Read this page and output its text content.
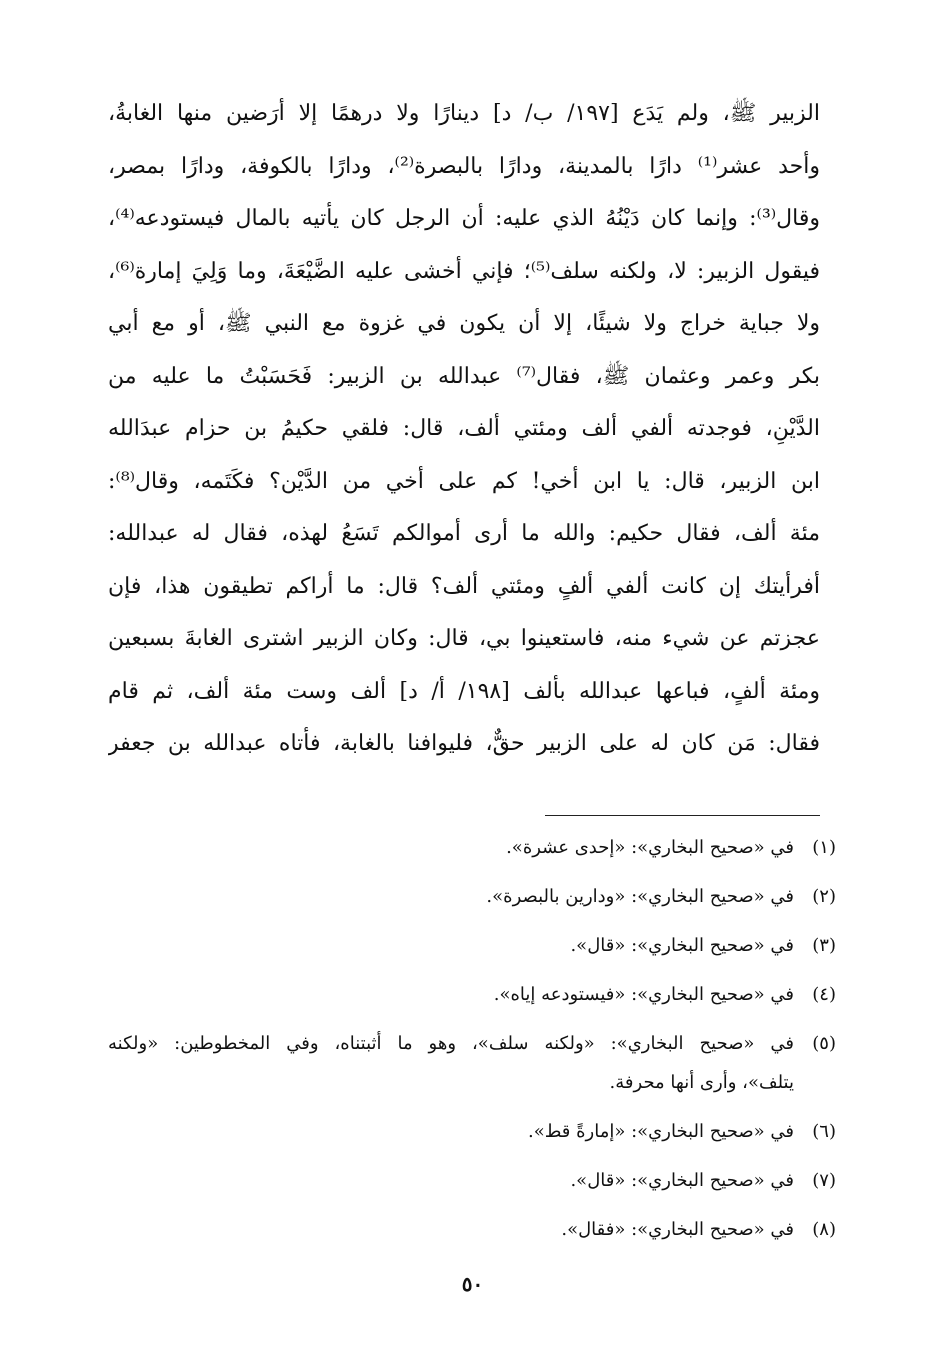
الزبير ﷺ، ولم يَدَع [١٩٧/ ب/ د] دينارًا ولا درهمًا إلا أرَضين منها الغابةُ،
وأحد عشر⁽¹⁾ دارًا بالمدينة، ودارًا بالبصرة⁽²⁾، ودارًا بالكوفة، ودارًا بمصر،
وقال⁽³⁾: وإنما كان دَيْنُهُ الذي عليه: أن الرجل كان يأتيه بالمال فيستودعه⁽⁴⁾،
فيقول الزبير: لا، ولكنه سلف⁽⁵⁾؛ فإني أخشى عليه الضَّيْعَةَ، وما وَلِيَ إمارة⁽⁶⁾،
ولا جباية خراج ولا شيئًا، إلا أن يكون في غزوة مع النبي ﷺ، أو مع أبي
بكر وعمر وعثمان ﷺ، فقال⁽⁷⁾ عبدالله بن الزبير: فَحَسَبْتُ ما عليه من
الدَّيْنِ، فوجدته ألفي ألف ومئتي ألف، قال: فلقي حكيمُ بن حزام عبدَالله
ابن الزبير، قال: يا ابن أخي! كم على أخي من الدَّيْن؟ فكَتَمه، وقال⁽⁸⁾:
مئة ألف، فقال حكيم: والله ما أرى أموالكم تَسَعُ لهذه، فقال له عبدالله:
أفرأيتك إن كانت ألفي ألفٍ ومئتي ألف؟ قال: ما أراكم تطيقون هذا، فإن
عجزتم عن شيء منه، فاستعينوا بي، قال: وكان الزبير اشترى الغابةَ بسبعين
ومئة ألفٍ، فباعها عبدالله بألف [١٩٨/ أ/ د] ألف وست مئة ألف، ثم قام
فقال: مَن كان له على الزبير حقٌّ، فليوافنا بالغابة، فأتاه عبدالله بن جعفر
(١)
في «صحيح البخاري»: «إحدى عشرة».
(٢)
في «صحيح البخاري»: «ودارين بالبصرة».
(٣)
في «صحيح البخاري»: «قال».
(٤)
في «صحيح البخاري»: «فيستودعه إياه».
(٥)
في «صحيح البخاري»: «ولكنه سلف»، وهو ما أثبتناه، وفي المخطوطين: «ولكنه
يتلف»، وأرى أنها محرفة.
(٦)
في «صحيح البخاري»: «إمارةً قط».
(٧)
في «صحيح البخاري»: «قال».
(٨)
في «صحيح البخاري»: «فقال».
٥٠
